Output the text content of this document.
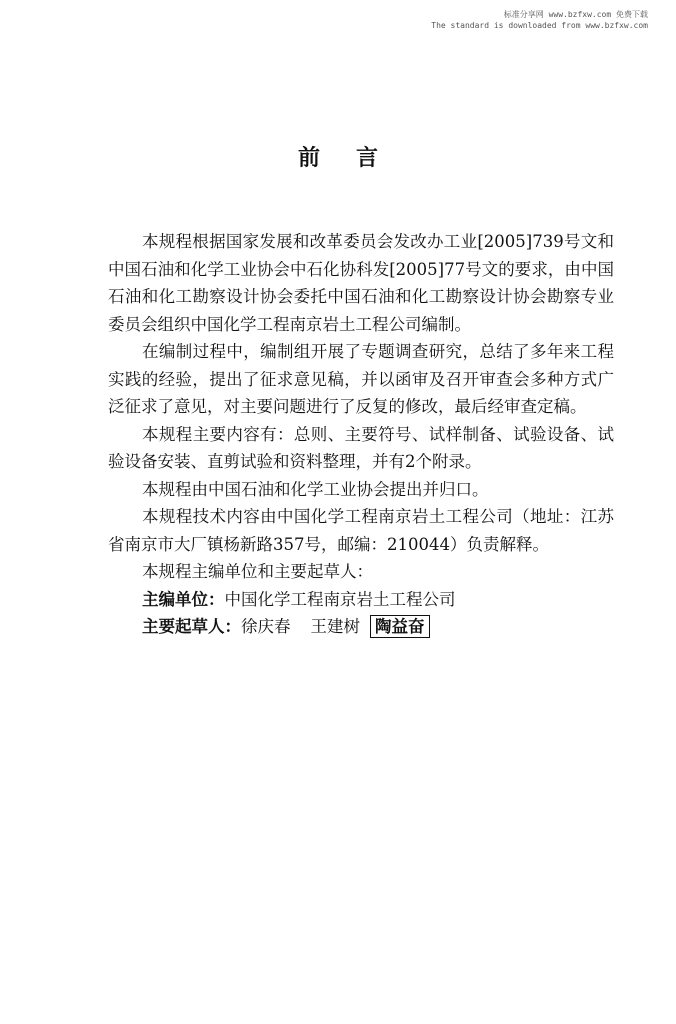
标准分享网 www.bzfxw.com 免费下载
The standard is downloaded from www.bzfxw.com
前言

本规程根据国家发展和改革委员会发改办工业[2005]739号文和中国石油和化学工业协会中石化协科发[2005]77号文的要求，由中国石油和化工勘察设计协会委托中国石油和化工勘察设计协会勘察专业委员会组织中国化学工程南京岩土工程公司编制。

在编制过程中，编制组开展了专题调查研究，总结了多年来工程实践的经验，提出了征求意见稿，并以函审及召开审查会多种方式广泛征求了意见，对主要问题进行了反复的修改，最后经审查定稿。

本规程主要内容有：总则、主要符号、试样制备、试验设备、试验设备安装、直剪试验和资料整理，并有2个附录。

本规程由中国石油和化学工业协会提出并归口。

本规程技术内容由中国化学工程南京岩土工程公司（地址：江苏省南京市大厂镇杨新路357号，邮编：210044）负责解释。

本规程主编单位和主要起草人：

主编单位：中国化学工程南京岩土工程公司

主要起草人：徐庆春 王建树 陶益奋
